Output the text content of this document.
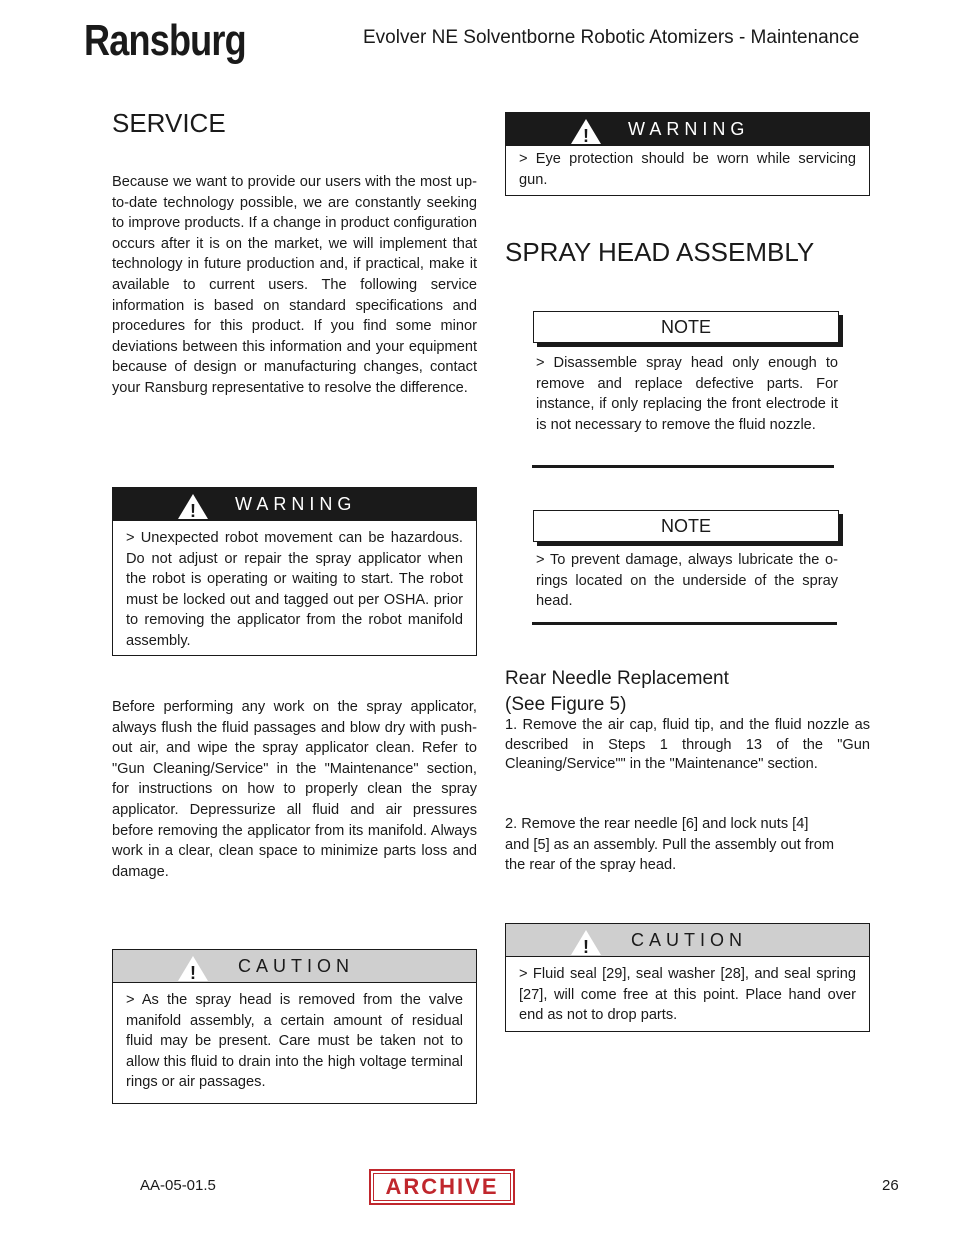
Ransburg	Evolver NE Solventborne Robotic Atomizers - Maintenance
SERVICE

Because we want to provide our users with the most up-to-date technology possible, we are constantly seeking to improve products. If a change in product configuration occurs after it is on the market, we will implement that technology in future production and, if practical, make it available to current users. The following service information is based on standard specifications and procedures for this product. If you find some minor deviations between this information and your equipment because of design or manufacturing changes, contact your Ransburg representative to resolve the difference.

! WARNING
> Unexpected robot movement can be hazardous. Do not adjust or repair the spray applicator when the robot is operating or waiting to start. The robot must be locked out and tagged out per OSHA. prior to removing the applicator from the robot manifold assembly.

Before performing any work on the spray applicator, always flush the fluid passages and blow dry with push-out air, and wipe the spray applicator clean. Refer to "Gun Cleaning/Service" in the "Maintenance" section, for instructions on how to properly clean the spray applicator. Depressurize all fluid and air pressures before removing the applicator from its manifold. Always work in a clear, clean space to minimize parts loss and damage.

! CAUTION
> As the spray head is removed from the valve manifold assembly, a certain amount of residual fluid may be present. Care must be taken not to allow this fluid to drain into the high voltage terminal rings or air passages.
! WARNING
> Eye protection should be worn while servicing gun.
SPRAY HEAD ASSEMBLY
NOTE
> Disassemble spray head only enough to remove and replace defective parts. For instance, if only replacing the front electrode it is not necessary to remove the fluid nozzle.
NOTE
> To prevent damage, always lubricate the o-rings located on the underside of the spray head.
Rear Needle Replacement
(See Figure 5)

1. Remove the air cap, fluid tip, and the fluid nozzle as described in Steps 1 through 13 of the "Gun Cleaning/Service"" in the "Maintenance" section.

2. Remove the rear needle [6] and lock nuts [4] and [5] as an assembly. Pull the assembly out from the rear of the spray head.

! CAUTION
> Fluid seal [29], seal washer [28], and seal spring [27], will come free at this point. Place hand over end as not to drop parts.
AA-05-01.5	ARCHIVE	26
